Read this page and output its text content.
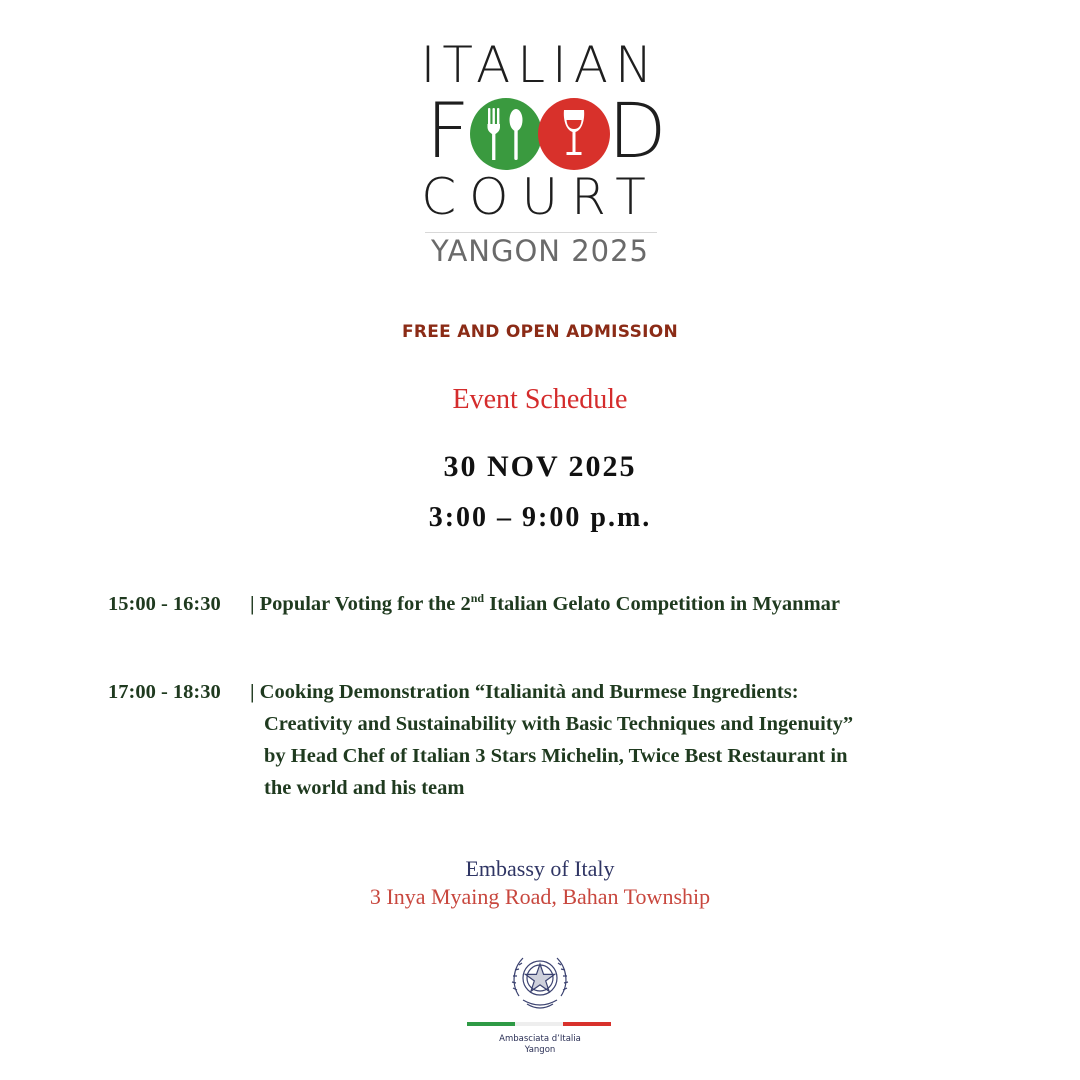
ITALIAN
F D
COURT
YANGON 2025
FREE AND OPEN ADMISSION
Event Schedule
30 NOV 2025
3:00 – 9:00 p.m.
15:00 - 16:30 | Popular Voting for the 2nd Italian Gelato Competition in Myanmar
17:00 - 18:30 | Cooking Demonstration “Italianità and Burmese Ingredients:
Creativity and Sustainability with Basic Techniques and Ingenuity”
by Head Chef of Italian 3 Stars Michelin, Twice Best Restaurant in
the world and his team
Embassy of Italy
3 Inya Myaing Road, Bahan Township
Ambasciata d’Italia
Yangon
